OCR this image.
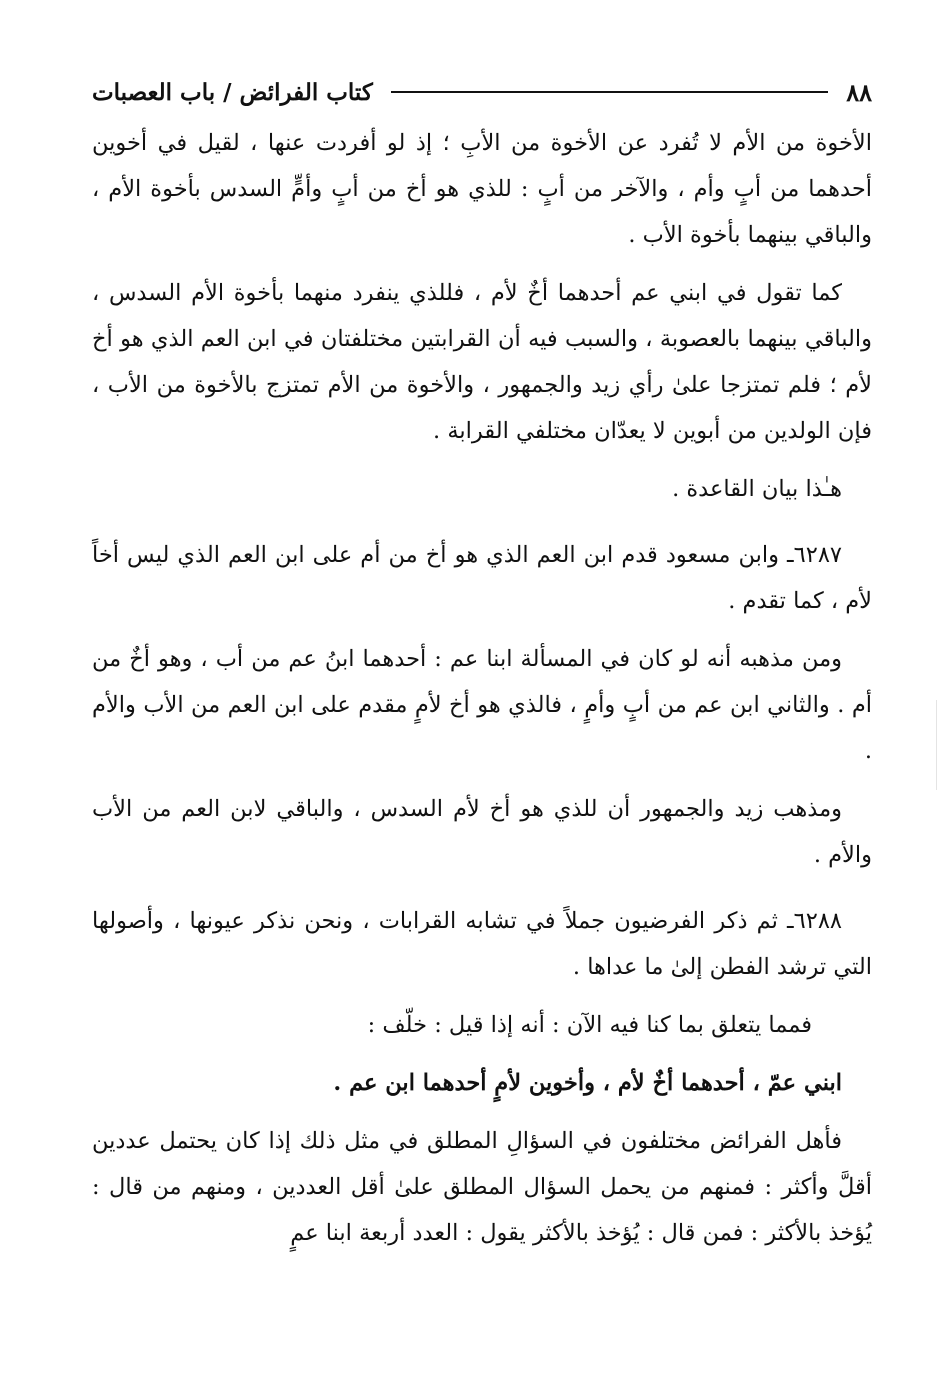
٨٨
كتاب الفرائض / باب العصبات

الأخوة من الأم لا تُفرد عن الأخوة من الأبِ ؛ إذ لو أفردت عنها ، لقيل في أخوين أحدهما من أبٍ وأم ، والآخر من أبٍ : للذي هو أخ من أبٍ وأمٍّ السدس بأخوة الأم ، والباقي بينهما بأخوة الأب .

كما تقول في ابني عم أحدهما أخٌ لأم ، فللذي ينفرد منهما بأخوة الأم السدس ، والباقي بينهما بالعصوبة ، والسبب فيه أن القرابتين مختلفتان في ابن العم الذي هو أخ لأم ؛ فلم تمتزجا علىٰ رأي زيد والجمهور ، والأخوة من الأم تمتزج بالأخوة من الأب ، فإن الولدين من أبوين لا يعدّان مختلفي القرابة .

هـٰذا بيان القاعدة .

٦٢٨٧ـ وابن مسعود قدم ابن العم الذي هو أخ من أم على ابن العم الذي ليس أخاً لأم ، كما تقدم .

ومن مذهبه أنه لو كان في المسألة ابنا عم : أحدهما ابنُ عم من أب ، وهو أخٌ من أم . والثاني ابن عم من أبٍ وأمٍ ، فالذي هو أخ لأمٍ مقدم على ابن العم من الأب والأم .

ومذهب زيد والجمهور أن للذي هو أخ لأم السدس ، والباقي لابن العم من الأب والأم .

٦٢٨٨ـ ثم ذكر الفرضيون جملاً في تشابه القرابات ، ونحن نذكر عيونها ، وأصولها التي ترشد الفطن إلىٰ ما عداها .

فمما يتعلق بما كنا فيه الآن : أنه إذا قيل : خلّف :

ابني عمّ ، أحدهما أخٌ لأم ، وأخوين لأمٍ أحدهما ابن عم .

فأهل الفرائض مختلفون في السؤالِ المطلق في مثل ذلك إذا كان يحتمل عددين أقلَّ وأكثر : فمنهم من يحمل السؤال المطلق علىٰ أقل العددين ، ومنهم من قال : يُؤخذ بالأكثر : فمن قال : يُؤخذ بالأكثر يقول : العدد أربعة ابنا عمٍ
